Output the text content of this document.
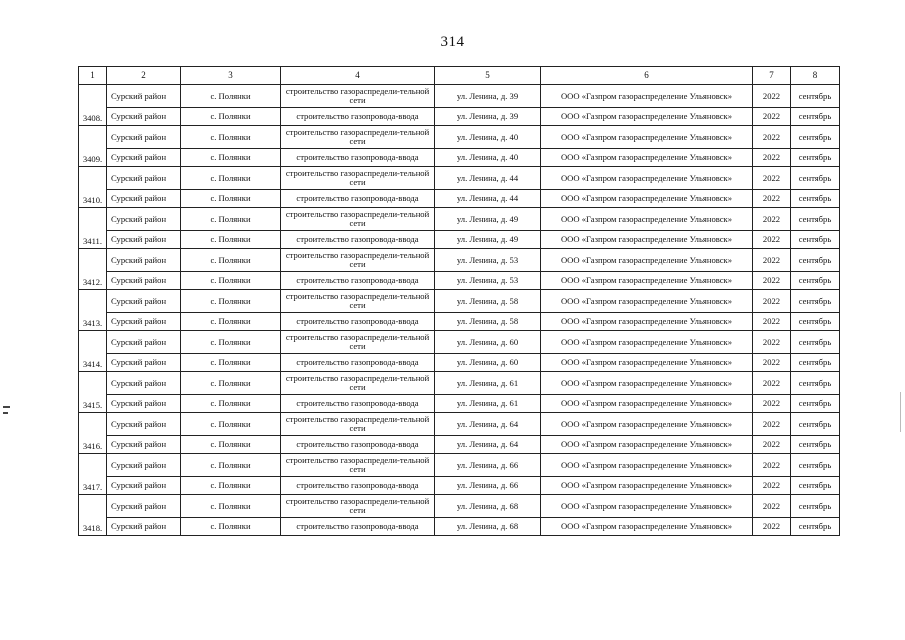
314
1	2	3	4	5	6	7	8
3408.	Сурский район	с. Полянки	строительство газораспредели-тельной сети	ул. Ленина, д. 39	ООО «Газпром газораспределение Ульяновск»	2022	сентябрь
	Сурский район	с. Полянки	строительство газопровода-ввода	ул. Ленина, д. 39	ООО «Газпром газораспределение Ульяновск»	2022	сентябрь
3409.	Сурский район	с. Полянки	строительство газораспредели-тельной сети	ул. Ленина, д. 40	ООО «Газпром газораспределение Ульяновск»	2022	сентябрь
	Сурский район	с. Полянки	строительство газопровода-ввода	ул. Ленина, д. 40	ООО «Газпром газораспределение Ульяновск»	2022	сентябрь
3410.	Сурский район	с. Полянки	строительство газораспредели-тельной сети	ул. Ленина, д. 44	ООО «Газпром газораспределение Ульяновск»	2022	сентябрь
	Сурский район	с. Полянки	строительство газопровода-ввода	ул. Ленина, д. 44	ООО «Газпром газораспределение Ульяновск»	2022	сентябрь
3411.	Сурский район	с. Полянки	строительство газораспредели-тельной сети	ул. Ленина, д. 49	ООО «Газпром газораспределение Ульяновск»	2022	сентябрь
	Сурский район	с. Полянки	строительство газопровода-ввода	ул. Ленина, д. 49	ООО «Газпром газораспределение Ульяновск»	2022	сентябрь
3412.	Сурский район	с. Полянки	строительство газораспредели-тельной сети	ул. Ленина, д. 53	ООО «Газпром газораспределение Ульяновск»	2022	сентябрь
	Сурский район	с. Полянки	строительство газопровода-ввода	ул. Ленина, д. 53	ООО «Газпром газораспределение Ульяновск»	2022	сентябрь
3413.	Сурский район	с. Полянки	строительство газораспредели-тельной сети	ул. Ленина, д. 58	ООО «Газпром газораспределение Ульяновск»	2022	сентябрь
	Сурский район	с. Полянки	строительство газопровода-ввода	ул. Ленина, д. 58	ООО «Газпром газораспределение Ульяновск»	2022	сентябрь
3414.	Сурский район	с. Полянки	строительство газораспредели-тельной сети	ул. Ленина, д. 60	ООО «Газпром газораспределение Ульяновск»	2022	сентябрь
	Сурский район	с. Полянки	строительство газопровода-ввода	ул. Ленина, д. 60	ООО «Газпром газораспределение Ульяновск»	2022	сентябрь
3415.	Сурский район	с. Полянки	строительство газораспредели-тельной сети	ул. Ленина, д. 61	ООО «Газпром газораспределение Ульяновск»	2022	сентябрь
	Сурский район	с. Полянки	строительство газопровода-ввода	ул. Ленина, д. 61	ООО «Газпром газораспределение Ульяновск»	2022	сентябрь
3416.	Сурский район	с. Полянки	строительство газораспредели-тельной сети	ул. Ленина, д. 64	ООО «Газпром газораспределение Ульяновск»	2022	сентябрь
	Сурский район	с. Полянки	строительство газопровода-ввода	ул. Ленина, д. 64	ООО «Газпром газораспределение Ульяновск»	2022	сентябрь
3417.	Сурский район	с. Полянки	строительство газораспредели-тельной сети	ул. Ленина, д. 66	ООО «Газпром газораспределение Ульяновск»	2022	сентябрь
	Сурский район	с. Полянки	строительство газопровода-ввода	ул. Ленина, д. 66	ООО «Газпром газораспределение Ульяновск»	2022	сентябрь
3418.	Сурский район	с. Полянки	строительство газораспредели-тельной сети	ул. Ленина, д. 68	ООО «Газпром газораспределение Ульяновск»	2022	сентябрь
	Сурский район	с. Полянки	строительство газопровода-ввода	ул. Ленина, д. 68	ООО «Газпром газораспределение Ульяновск»	2022	сентябрь
